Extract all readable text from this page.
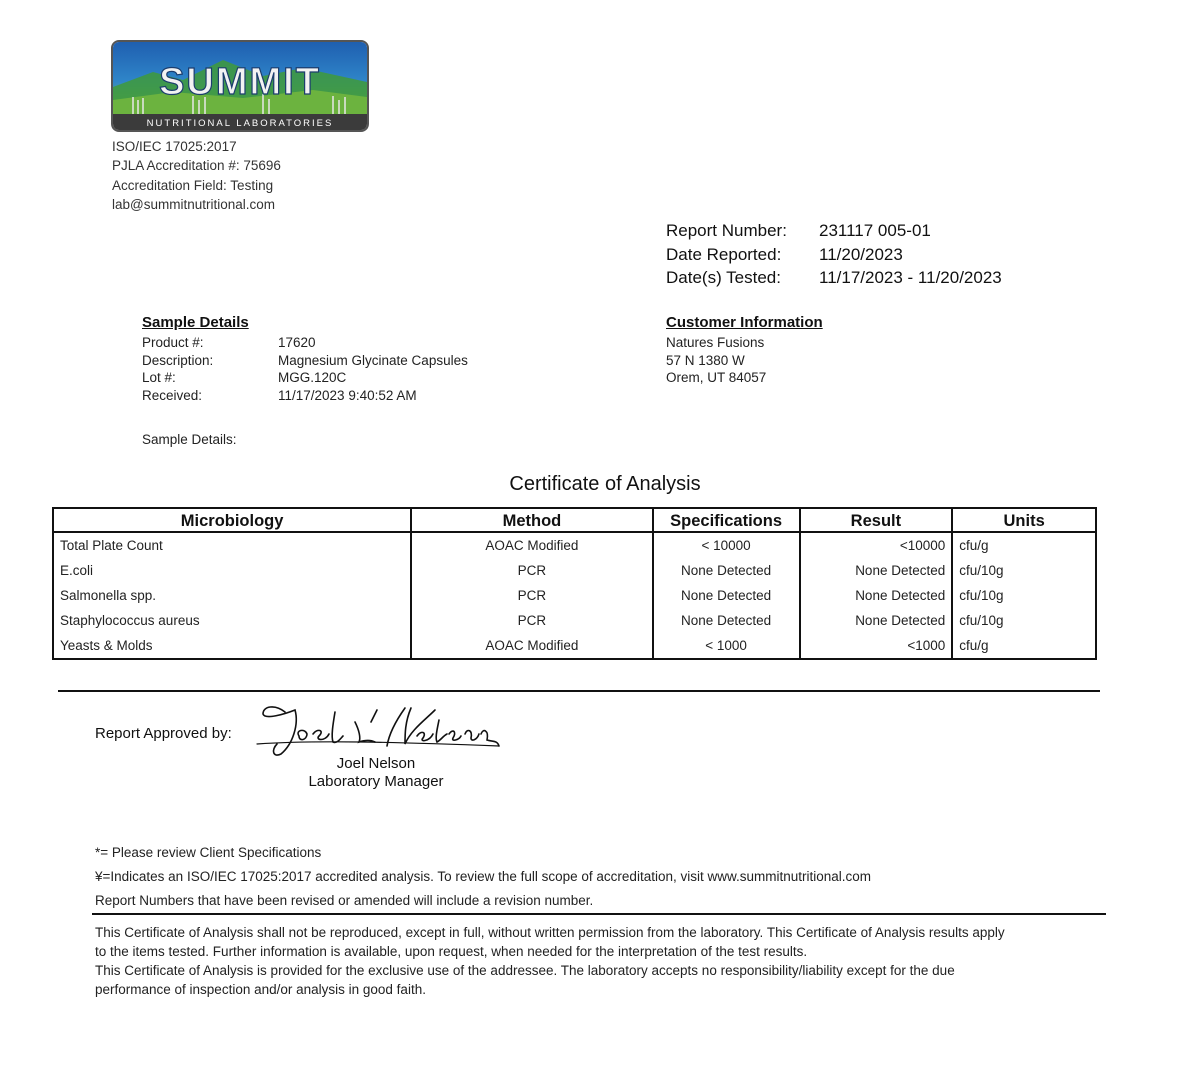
SUMMIT
NUTRITIONAL LABORATORIES
ISO/IEC 17025:2017
PJLA Accreditation #: 75696
Accreditation Field: Testing
lab@summitnutritional.com
Report Number:	231117 005-01
Date Reported:	11/20/2023
Date(s) Tested:	11/17/2023 - 11/20/2023
Sample Details
Product #:	17620
Description:	Magnesium Glycinate Capsules
Lot #:	MGG.120C
Received:	11/17/2023 9:40:52 AM
Sample Details:
Customer Information
Natures Fusions
57 N 1380 W
Orem, UT 84057
Certificate of Analysis
Microbiology	Method	Specifications	Result	Units
Total Plate Count	AOAC Modified	< 10000	<10000	cfu/g
E.coli	PCR	None Detected	None Detected	cfu/10g
Salmonella spp.	PCR	None Detected	None Detected	cfu/10g
Staphylococcus aureus	PCR	None Detected	None Detected	cfu/10g
Yeasts & Molds	AOAC Modified	< 1000	<1000	cfu/g
Report Approved by:
Joel L Nelson
Joel Nelson
Laboratory Manager
*= Please review Client Specifications
¥=Indicates an ISO/IEC 17025:2017 accredited analysis. To review the full scope of accreditation, visit www.summitnutritional.com
Report Numbers that have been revised or amended will include a revision number.
This Certificate of Analysis shall not be reproduced, except in full, without written permission from the laboratory. This Certificate of Analysis results apply
to the items tested. Further information is available, upon request, when needed for the interpretation of the test results.
This Certificate of Analysis is provided for the exclusive use of the addressee. The laboratory accepts no responsibility/liability except for the due
performance of inspection and/or analysis in good faith.
